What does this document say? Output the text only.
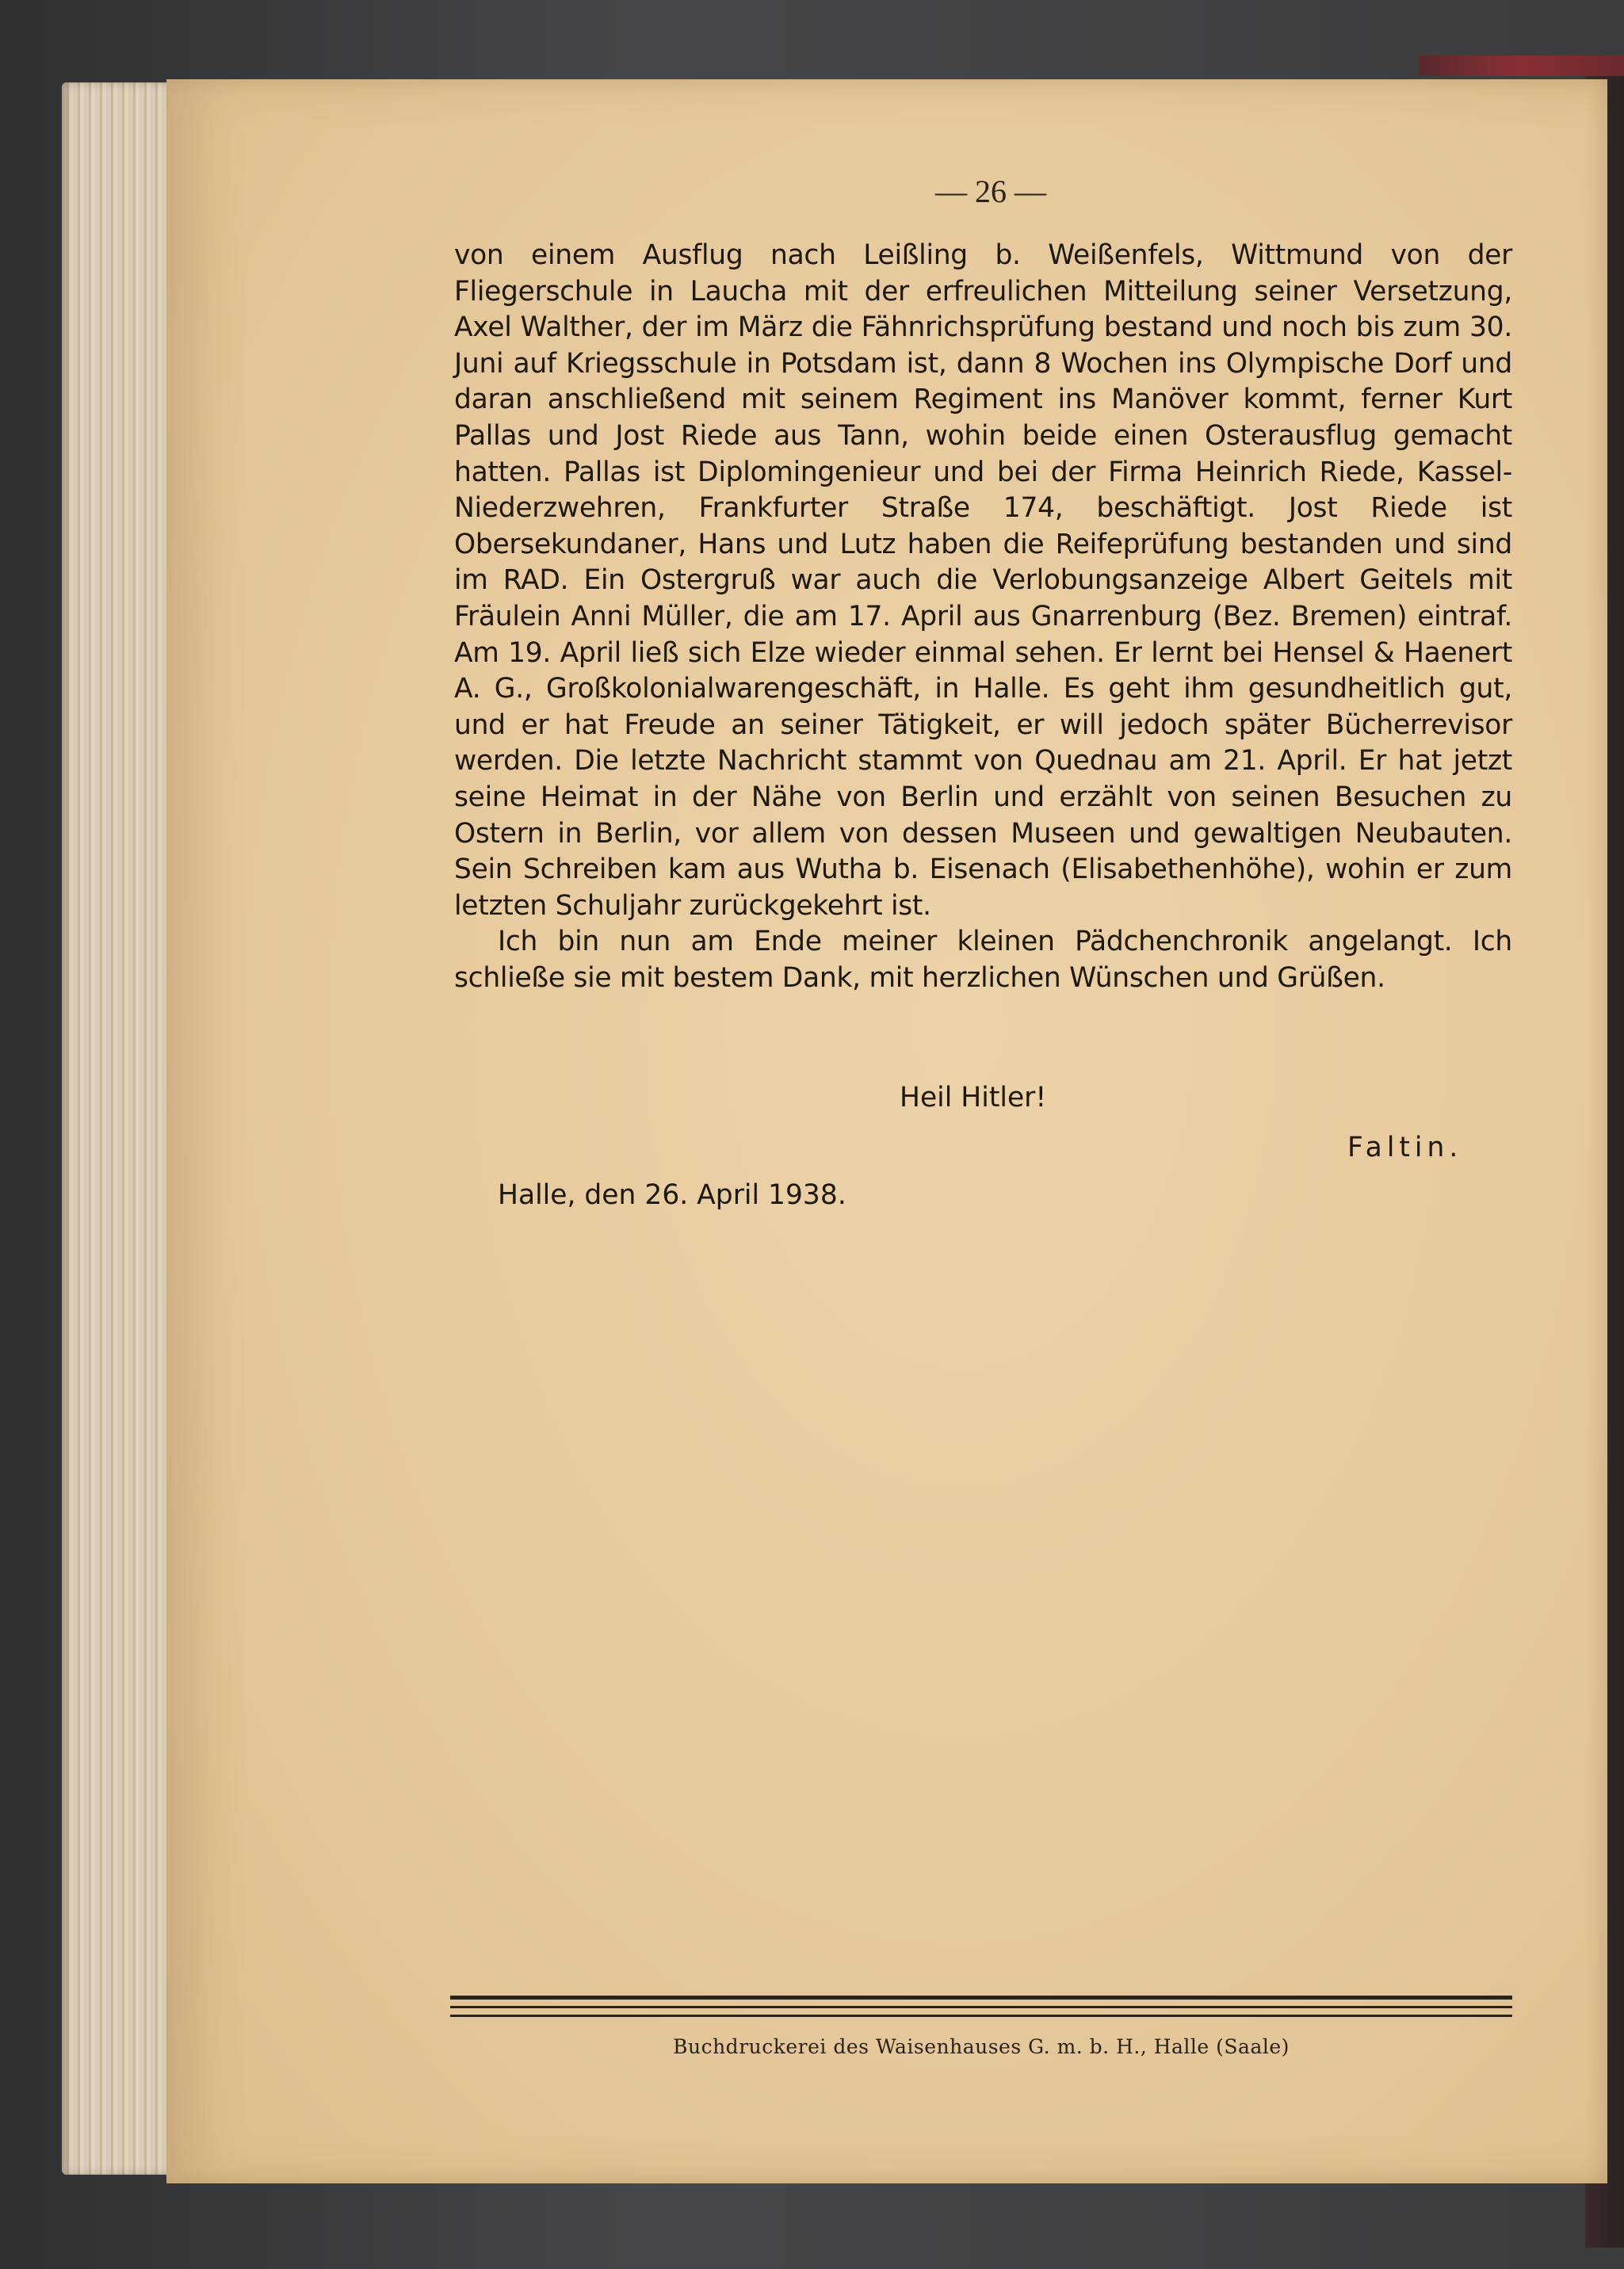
— 26 —

von einem Ausflug nach Leißling b. Weißenfels, Wittmund von der Fliegerschule in Laucha mit der erfreulichen Mitteilung seiner Versetzung, Axel Walther, der im März die Fähnrichsprüfung bestand und noch bis zum 30. Juni auf Kriegsschule in Potsdam ist, dann 8 Wochen ins Olympische Dorf und daran anschließend mit seinem Regiment ins Manöver kommt, ferner Kurt Pallas und Jost Riede aus Tann, wohin beide einen Osterausflug gemacht hatten. Pallas ist Diplomingenieur und bei der Firma Heinrich Riede, Kassel-Niederzwehren, Frankfurter Straße 174, beschäftigt. Jost Riede ist Obersekundaner, Hans und Lutz haben die Reifeprüfung bestanden und sind im RAD. Ein Ostergruß war auch die Verlobungsanzeige Albert Geitels mit Fräulein Anni Müller, die am 17. April aus Gnarrenburg (Bez. Bremen) eintraf. Am 19. April ließ sich Elze wieder einmal sehen. Er lernt bei Hensel & Haenert A. G., Großkolonialwarengeschäft, in Halle. Es geht ihm gesundheitlich gut, und er hat Freude an seiner Tätigkeit, er will jedoch später Bücherrevisor werden. Die letzte Nachricht stammt von Quednau am 21. April. Er hat jetzt seine Heimat in der Nähe von Berlin und erzählt von seinen Besuchen zu Ostern in Berlin, vor allem von dessen Museen und gewaltigen Neubauten. Sein Schreiben kam aus Wutha b. Eisenach (Elisabethenhöhe), wohin er zum letzten Schuljahr zurückgekehrt ist.

Ich bin nun am Ende meiner kleinen Pädchenchronik angelangt. Ich schließe sie mit bestem Dank, mit herzlichen Wünschen und Grüßen.

Heil Hitler!
Faltin.
Halle, den 26. April 1938.
Buchdruckerei des Waisenhauses G. m. b. H., Halle (Saale)
